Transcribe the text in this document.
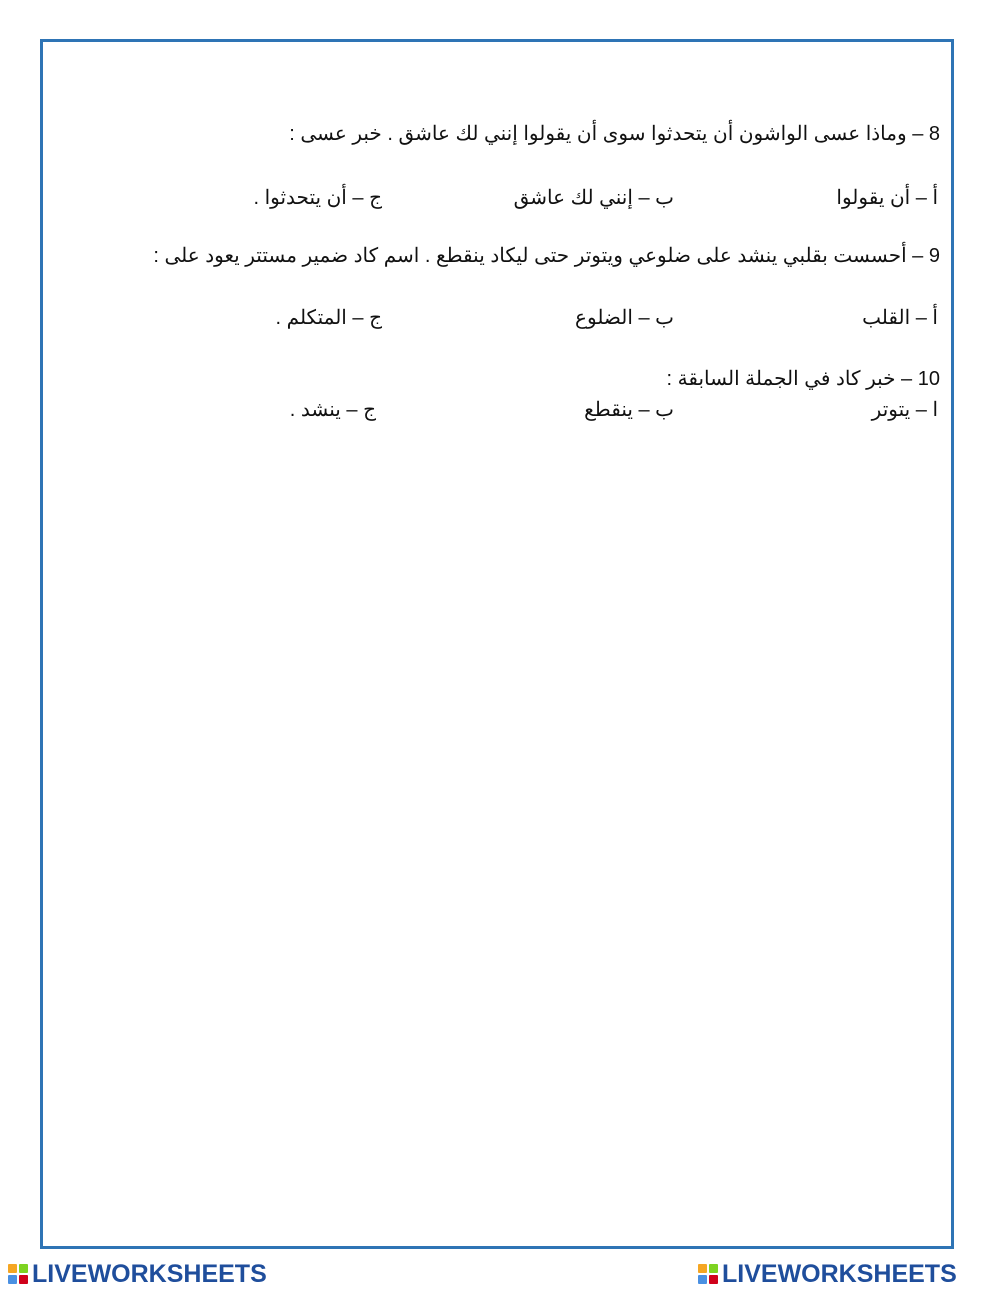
8 – وماذا عسى الواشون أن يتحدثوا سوى أن يقولوا إنني لك عاشق . خبر عسى :
أ – أن يقولوا
ب – إنني لك عاشق
ج – أن يتحدثوا .
9 – أحسست بقلبي ينشد على ضلوعي ويتوتر حتى ليكاد ينقطع . اسم كاد ضمير مستتر يعود على :
أ – القلب
ب – الضلوع
ج – المتكلم .
10 – خبر كاد في الجملة السابقة :
ا – يتوتر
ب – ينقطع
ج – ينشد .
LIVEWORKSHEETS	LIVEWORKSHEETS
